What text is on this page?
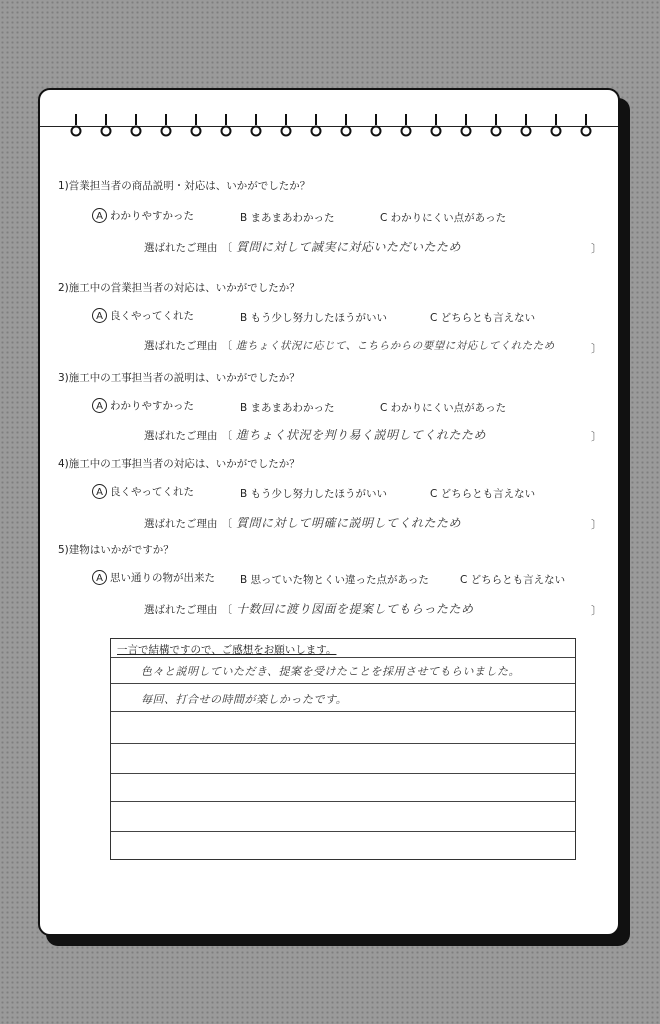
1)営業担当者の商品説明・対応は、いかがでしたか？
A わかりやすかった	B まあまあわかった	C わかりにくい点があった
選ばれたご理由 〔 質問に対して誠実に対応いただいたため	〕
2)施工中の営業担当者の対応は、いかがでしたか？
A 良くやってくれた	B もう少し努力したほうがいい	C どちらとも言えない
選ばれたご理由 〔 進ちょく状況に応じて、こちらからの要望に対応してくれたため	〕
3)施工中の工事担当者の説明は、いかがでしたか？
A わかりやすかった	B まあまあわかった	C わかりにくい点があった
選ばれたご理由 〔 進ちょく状況を判り易く説明してくれたため	〕
4)施工中の工事担当者の対応は、いかがでしたか？
A 良くやってくれた	B もう少し努力したほうがいい	C どちらとも言えない
選ばれたご理由 〔 質問に対して明確に説明してくれたため	〕
5)建物はいかがですか？
A 思い通りの物が出来た B 思っていた物とくい違った点があった	C どちらとも言えない
選ばれたご理由 〔 十数回に渡り図面を提案してもらったため	〕
一言で結構ですので、ご感想をお願いします。
色々と説明していただき、提案を受けたことを採用させてもらいました。
毎回、打合せの時間が楽しかったです。
